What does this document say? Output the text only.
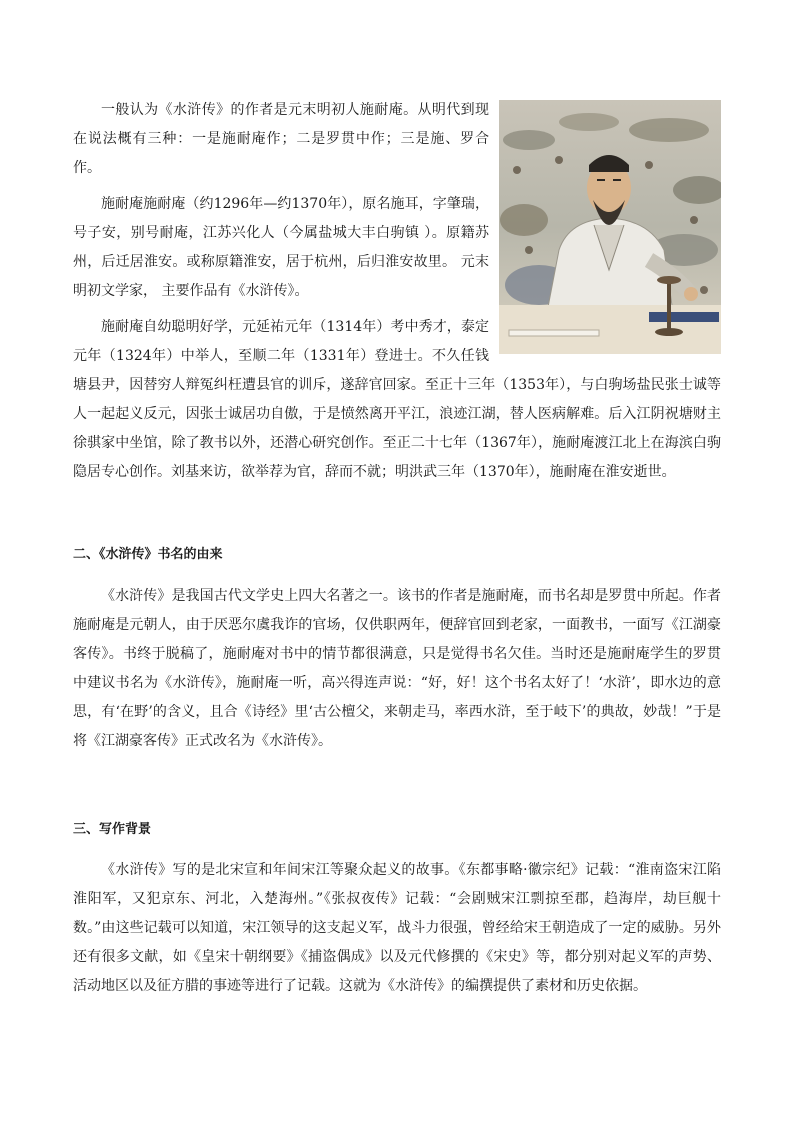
一般认为《水浒传》的作者是元末明初人施耐庵。从明代到现在说法概有三种：一是施耐庵作；二是罗贯中作；三是施、罗合作。

施耐庵施耐庵（约1296年—约1370年），原名施耳，字肇瑞，号子安，别号耐庵，江苏兴化人（今属盐城大丰白驹镇 ）。原籍苏州，后迁居淮安。或称原籍淮安，居于杭州，后归淮安故里。 元末明初文学家， 主要作品有《水浒传》。

施耐庵自幼聪明好学，元延祐元年（1314年）考中秀才，泰定元年（1324年）中举人，至顺二年（1331年）登进士。不久任钱塘县尹，因替穷人辩冤纠枉遭县官的训斥，遂辞官回家。至正十三年（1353年），与白驹场盐民张士诚等人一起起义反元，因张士诚居功自傲，于是愤然离开平江，浪迹江湖，替人医病解难。后入江阴祝塘财主徐骐家中坐馆，除了教书以外，还潜心研究创作。至正二十七年（1367年），施耐庵渡江北上在海滨白驹隐居专心创作。刘基来访，欲举荐为官，辞而不就；明洪武三年（1370年），施耐庵在淮安逝世。

二、《水浒传》书名的由来

《水浒传》是我国古代文学史上四大名著之一。该书的作者是施耐庵，而书名却是罗贯中所起。作者施耐庵是元朝人，由于厌恶尔虞我诈的官场，仅供职两年，便辞官回到老家，一面教书，一面写《江湖豪客传》。书终于脱稿了，施耐庵对书中的情节都很满意，只是觉得书名欠佳。当时还是施耐庵学生的罗贯中建议书名为《水浒传》，施耐庵一听，高兴得连声说：“好，好！这个书名太好了！‘水浒’，即水边的意思，有‘在野’的含义，且合《诗经》里‘古公檀父，来朝走马，率西水浒，至于岐下’的典故，妙哉！”于是将《江湖豪客传》正式改名为《水浒传》。

三、写作背景

《水浒传》写的是北宋宣和年间宋江等聚众起义的故事。《东都事略·徽宗纪》记载：“淮南盗宋江陷淮阳军，又犯京东、河北，入楚海州。”《张叔夜传》记载：“会剧贼宋江剽掠至郡，趋海岸，劫巨舰十数。”由这些记载可以知道，宋江领导的这支起义军，战斗力很强，曾经给宋王朝造成了一定的威胁。另外还有很多文献，如《皇宋十朝纲要》《捕盗偶成》以及元代修撰的《宋史》等，都分别对起义军的声势、活动地区以及征方腊的事迹等进行了记载。这就为《水浒传》的编撰提供了素材和历史依据。
